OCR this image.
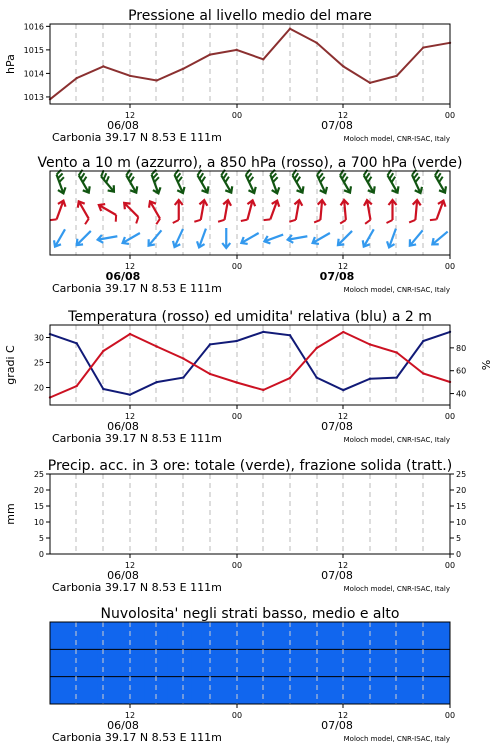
Pressione al livello medio del mare
1013
1014
1015
1016
hPa
12	00	12	00
06/08	07/08
Carbonia 39.17 N 8.53 E 111m	Moloch model, CNR-ISAC, Italy
Vento a 10 m (azzurro), a 850 hPa (rosso), a 700 hPa (verde)
12	00	12	00
06/08	07/08
Carbonia 39.17 N 8.53 E 111m	Moloch model, CNR-ISAC, Italy
Temperatura (rosso) ed umidita' relativa (blu) a 2 m
20
25
30
40
60
80
gradi C	%
12	00	12	00
06/08	07/08
Carbonia 39.17 N 8.53 E 111m	Moloch model, CNR-ISAC, Italy
Precip. acc. in 3 ore: totale (verde), frazione solida (tratt.)
0
5
10
15
20
25
0
5
10
15
20
25
mm
12	00	12	00
06/08	07/08
Carbonia 39.17 N 8.53 E 111m	Moloch model, CNR-ISAC, Italy
Nuvolosita' negli strati basso, medio e alto
12	00	12	00
06/08	07/08
Carbonia 39.17 N 8.53 E 111m	Moloch model, CNR-ISAC, Italy
